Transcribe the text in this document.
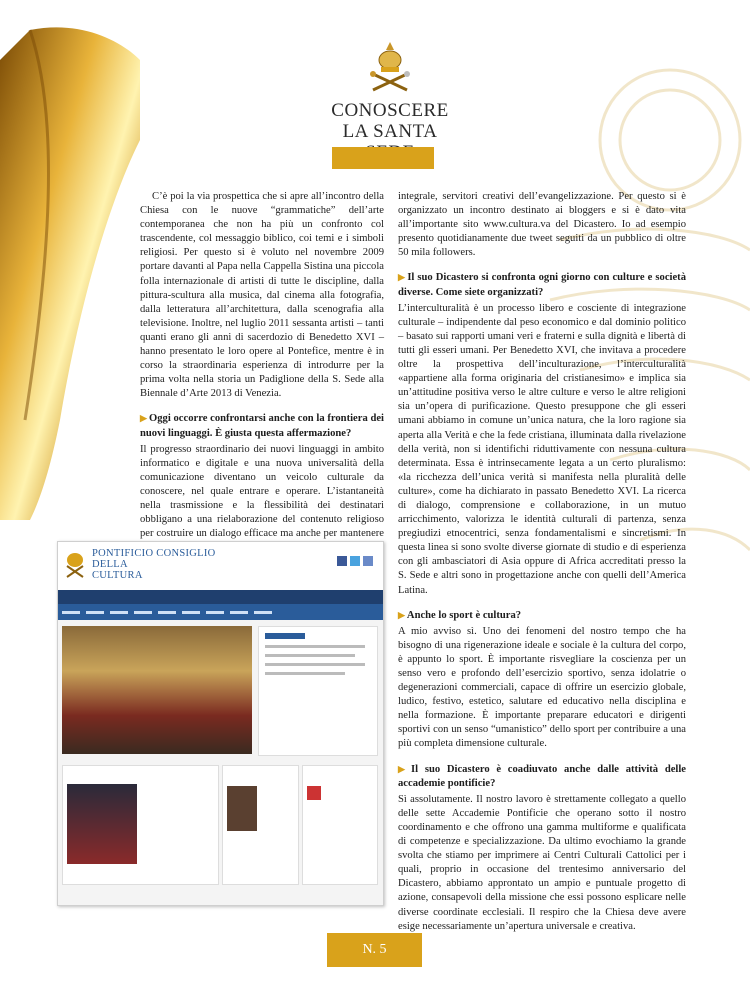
CONOSCERE
LA SANTA

C’è poi la via prospettica che si apre all’incontro della Chiesa con le nuove “grammatiche” dell’arte contemporanea che non ha più un confronto col trascendente, col messaggio biblico, coi temi e i simboli religiosi. Per questo si è voluto nel novembre 2009 portare davanti al Papa nella Cappella Sistina una piccola folla internazionale di artisti di tutte le discipline, dalla pittura-scultura alla musica, dal cinema alla fotografia, dalla letteratura all’architettura, dalla scenografia alla televisione. Inoltre, nel luglio 2011 sessanta artisti – tanti quanti erano gli anni di sacerdozio di Benedetto XVI – hanno presentato le loro opere al Pontefice, mentre è in corso la straordinaria esperienza di introdurre per la prima volta nella storia un Padiglione della S. Sede alla Biennale d’Arte 2013 di Venezia.

▶ Oggi occorre confrontarsi anche con la frontiera dei nuovi linguaggi. È giusta questa affermazione?

Il progresso straordinario dei nuovi linguaggi in ambito informatico e digitale e una nuova universalità della comunicazione diventano un veicolo culturale da conoscere, nel quale entrare e operare. L’istantaneità nella trasmissione e la flessibilità dei destinatari obbligano a una rielaborazione del contenuto religioso per costruire un dialogo efficace ma anche per mantenere

integrale, servitori creativi dell’evangelizzazione. Per questo si è organizzato un incontro destinato ai bloggers e si è dato vita all’importante sito www.cultura.va del Dicastero. Io ad esempio presento quotidianamente due tweet seguiti da un pubblico di oltre 50 mila followers.

▶ Il suo Dicastero si confronta ogni giorno con culture e società diverse. Come siete organizzati?

L’interculturalità è un processo libero e cosciente di integrazione culturale – indipendente dal peso economico e dal dominio politico – basato sui rapporti umani veri e fraterni e sulla dignità e libertà di tutti gli esseri umani. Per Benedetto XVI, che invitava a procedere oltre la prospettiva dell’inculturazione, l’interculturalità «appartiene alla forma originaria del cristianesimo» e implica sia un’attitudine positiva verso le altre culture e verso le altre religioni sia un’opera di purificazione. Questo presuppone che gli esseri umani abbiamo in comune un’unica natura, che la loro ragione sia aperta alla Verità e che la fede cristiana, illuminata dalla rivelazione della verità, non si identifichi riduttivamente con nessuna cultura determinata. Essa è intrinsecamente legata a un certo pluralismo: «la ricchezza dell’unica verità si manifesta nella pluralità delle culture», come ha dichiarato in passato Benedetto XVI. La ricerca di dialogo, comprensione e collaborazione, in un mutuo arricchimento, valorizza le identità culturali di partenza, senza pregiudizi etnocentrici, senza fondamentalismi e sincretismi. In questa linea si sono svolte diverse giornate di studio e di esperienza con gli ambasciatori di Asia oppure di Africa accreditati presso la S. Sede e altri sono in progettazione anche con quelli dell’America Latina.

▶ Anche lo sport è cultura?

A mio avviso sì. Uno dei fenomeni del nostro tempo che ha bisogno di una rigenerazione ideale e sociale è la cultura del corpo, è appunto lo sport. È importante risvegliare la coscienza per un senso vero e profondo dell’esercizio sportivo, senza idolatrie o degenerazioni commerciali, capace di offrire un esercizio globale, ludico, festivo, estetico, salutare ed educativo nella disciplina e nella formazione. È importante preparare educatori e dirigenti sportivi con un senso “umanistico” dello sport per contribuire a una più completa dimensione culturale.

▶ Il suo Dicastero è coadiuvato anche dalle attività delle accademie pontificie?

Sì assolutamente. Il nostro lavoro è strettamente collegato a quello delle sette Accademie Pontificie che operano sotto il nostro coordinamento e che offrono una gamma multiforme e qualificata di competenze e specializzazione. Da ultimo evochiamo la grande svolta che stiamo per imprimere ai Centri Culturali Cattolici per i quali, proprio in occasione del trentesimo anniversario del Dicastero, abbiamo approntato un ampio e puntuale progetto di azione, consapevoli della missione che essi possono esplicare nelle diverse coordinate ecclesiali. Il respiro che la Chiesa deve avere esige necessariamente un’apertura universale e creativa.

PONTIFICIO CONSIGLIO
DELLA
CULTURA
N. 5
